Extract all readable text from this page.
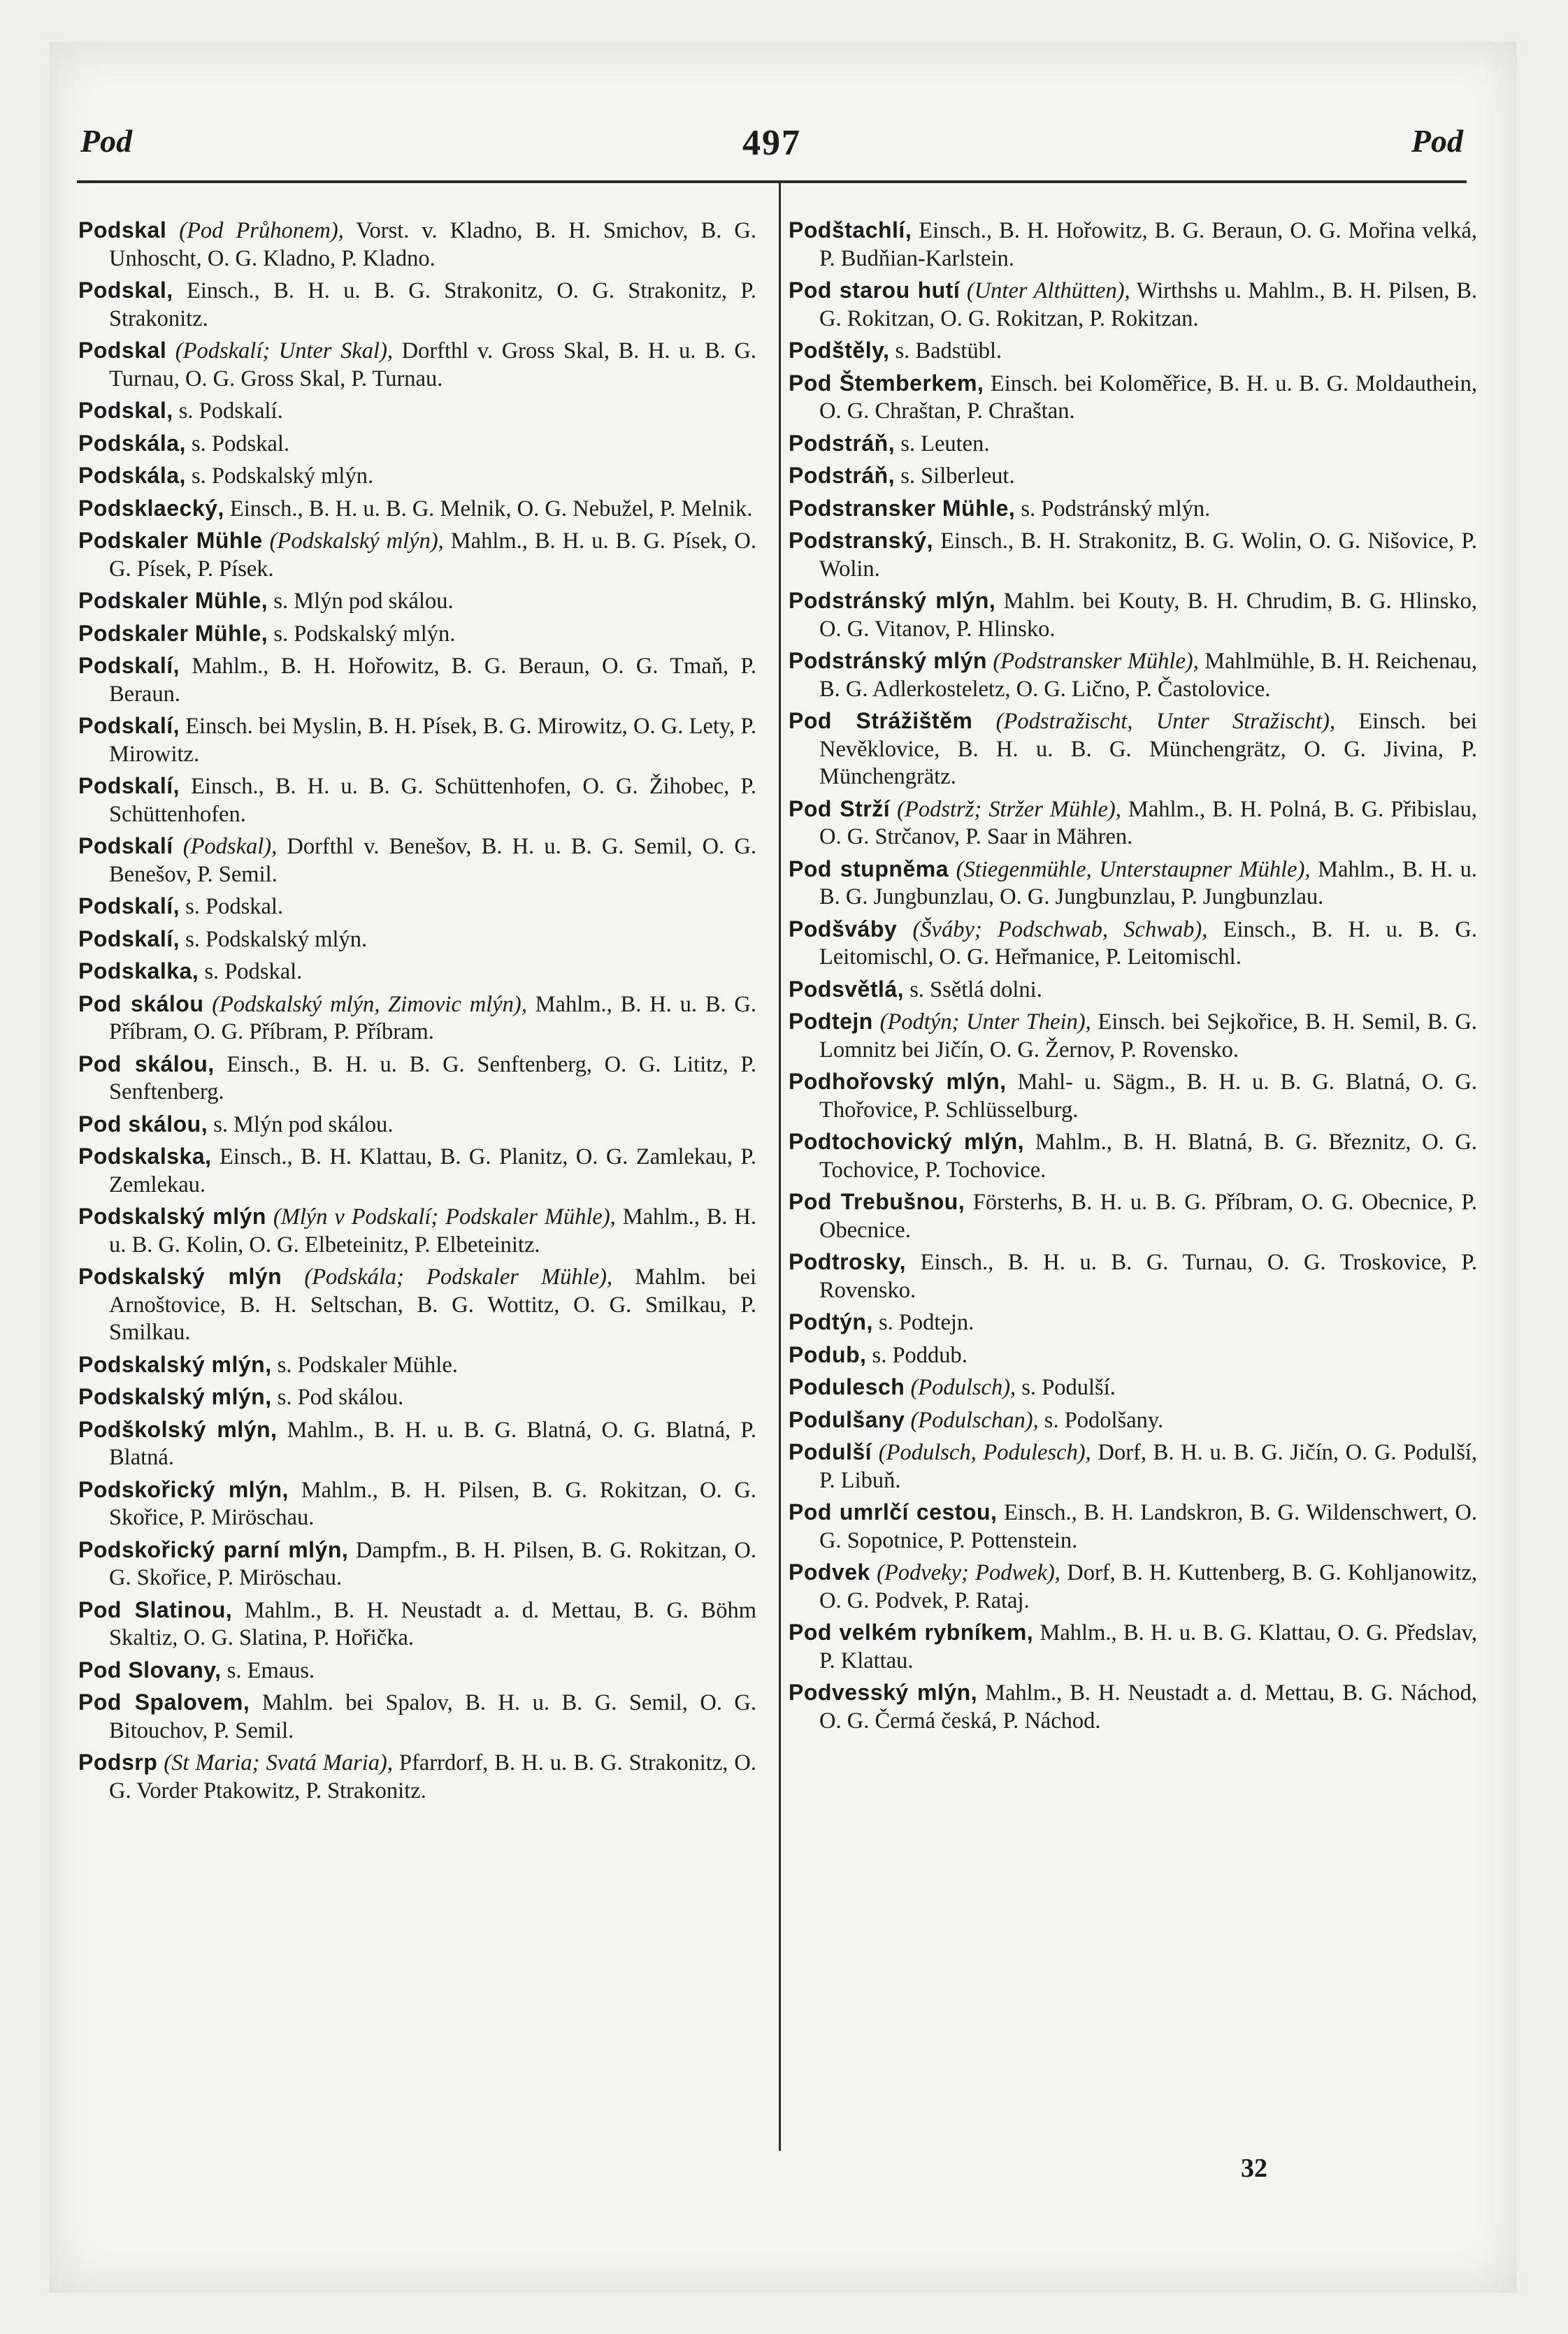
Pod	497	Pod

Podskal (Pod Průhonem), Vorst. v. Kladno, B. H. Smichov, B. G. Unhoscht, O. G. Kladno, P. Kladno.

Podskal, Einsch., B. H. u. B. G. Strakonitz, O. G. Strakonitz, P. Strakonitz.

Podskal (Podskalí; Unter Skal), Dorfthl v. Gross Skal, B. H. u. B. G. Turnau, O. G. Gross Skal, P. Turnau.

Podskal, s. Podskalí.

Podskála, s. Podskal.

Podskála, s. Podskalský mlýn.

Podsklaecký, Einsch., B. H. u. B. G. Melnik, O. G. Nebužel, P. Melnik.

Podskaler Mühle (Podskalský mlýn), Mahlm., B. H. u. B. G. Písek, O. G. Písek, P. Písek.

Podskaler Mühle, s. Mlýn pod skálou.

Podskaler Mühle, s. Podskalský mlýn.

Podskalí, Mahlm., B. H. Hořowitz, B. G. Beraun, O. G. Tmaň, P. Beraun.

Podskalí, Einsch. bei Myslin, B. H. Písek, B. G. Mirowitz, O. G. Lety, P. Mirowitz.

Podskalí, Einsch., B. H. u. B. G. Schüttenhofen, O. G. Žihobec, P. Schüttenhofen.

Podskalí (Podskal), Dorfthl v. Benešov, B. H. u. B. G. Semil, O. G. Benešov, P. Semil.

Podskalí, s. Podskal.

Podskalí, s. Podskalský mlýn.

Podskalka, s. Podskal.

Pod skálou (Podskalský mlýn, Zimovic mlýn), Mahlm., B. H. u. B. G. Příbram, O. G. Příbram, P. Příbram.

Pod skálou, Einsch., B. H. u. B. G. Senftenberg, O. G. Lititz, P. Senftenberg.

Pod skálou, s. Mlýn pod skálou.

Podskalska, Einsch., B. H. Klattau, B. G. Planitz, O. G. Zamlekau, P. Zemlekau.

Podskalský mlýn (Mlýn v Podskalí; Podskaler Mühle), Mahlm., B. H. u. B. G. Kolin, O. G. Elbeteinitz, P. Elbeteinitz.

Podskalský mlýn (Podskála; Podskaler Mühle), Mahlm. bei Arnoštovice, B. H. Seltschan, B. G. Wottitz, O. G. Smilkau, P. Smilkau.

Podskalský mlýn, s. Podskaler Mühle.

Podskalský mlýn, s. Pod skálou.

Podškolský mlýn, Mahlm., B. H. u. B. G. Blatná, O. G. Blatná, P. Blatná.

Podskořický mlýn, Mahlm., B. H. Pilsen, B. G. Rokitzan, O. G. Skořice, P. Miröschau.

Podskořický parní mlýn, Dampfm., B. H. Pilsen, B. G. Rokitzan, O. G. Skořice, P. Miröschau.

Pod Slatinou, Mahlm., B. H. Neustadt a. d. Mettau, B. G. Böhm Skaltiz, O. G. Slatina, P. Hořička.

Pod Slovany, s. Emaus.

Pod Spalovem, Mahlm. bei Spalov, B. H. u. B. G. Semil, O. G. Bitouchov, P. Semil.

Podsrp (St Maria; Svatá Maria), Pfarrdorf, B. H. u. B. G. Strakonitz, O. G. Vorder Ptakowitz, P. Strakonitz.

Podštachlí, Einsch., B. H. Hořowitz, B. G. Beraun, O. G. Mořina velká, P. Budňian-Karlstein.

Pod starou hutí (Unter Althütten), Wirthshs u. Mahlm., B. H. Pilsen, B. G. Rokitzan, O. G. Rokitzan, P. Rokitzan.

Podštěly, s. Badstübl.

Pod Štemberkem, Einsch. bei Koloměřice, B. H. u. B. G. Moldauthein, O. G. Chraštan, P. Chraštan.

Podstráň, s. Leuten.

Podstráň, s. Silberleut.

Podstransker Mühle, s. Podstránský mlýn.

Podstranský, Einsch., B. H. Strakonitz, B. G. Wolin, O. G. Nišovice, P. Wolin.

Podstránský mlýn, Mahlm. bei Kouty, B. H. Chrudim, B. G. Hlinsko, O. G. Vitanov, P. Hlinsko.

Podstránský mlýn (Podstransker Mühle), Mahlmühle, B. H. Reichenau, B. G. Adlerkosteletz, O. G. Lično, P. Častolovice.

Pod Strážištěm (Podstražischt, Unter Stražischt), Einsch. bei Nevěklovice, B. H. u. B. G. Münchengrätz, O. G. Jivina, P. Münchengrätz.

Pod Strží (Podstrž; Stržer Mühle), Mahlm., B. H. Polná, B. G. Přibislau, O. G. Strčanov, P. Saar in Mähren.

Pod stupněma (Stiegenmühle, Unterstaupner Mühle), Mahlm., B. H. u. B. G. Jungbunzlau, O. G. Jungbunzlau, P. Jungbunzlau.

Podšváby (Šváby; Podschwab, Schwab), Einsch., B. H. u. B. G. Leitomischl, O. G. Heřmanice, P. Leitomischl.

Podsvětlá, s. Ssětlá dolni.

Podtejn (Podtýn; Unter Thein), Einsch. bei Sejkořice, B. H. Semil, B. G. Lomnitz bei Jičín, O. G. Žernov, P. Rovensko.

Podhořovský mlýn, Mahl- u. Sägm., B. H. u. B. G. Blatná, O. G. Thořovice, P. Schlüsselburg.

Podtochovický mlýn, Mahlm., B. H. Blatná, B. G. Březnitz, O. G. Tochovice, P. Tochovice.

Pod Trebušnou, Försterhs, B. H. u. B. G. Příbram, O. G. Obecnice, P. Obecnice.

Podtrosky, Einsch., B. H. u. B. G. Turnau, O. G. Troskovice, P. Rovensko.

Podtýn, s. Podtejn.

Podub, s. Poddub.

Podulesch (Podulsch), s. Podulší.

Podulšany (Podulschan), s. Podolšany.

Podulší (Podulsch, Podulesch), Dorf, B. H. u. B. G. Jičín, O. G. Podulší, P. Libuň.

Pod umrlčí cestou, Einsch., B. H. Landskron, B. G. Wildenschwert, O. G. Sopotnice, P. Pottenstein.

Podvek (Podveky; Podwek), Dorf, B. H. Kuttenberg, B. G. Kohljanowitz, O. G. Podvek, P. Rataj.

Pod velkém rybníkem, Mahlm., B. H. u. B. G. Klattau, O. G. Předslav, P. Klattau.

Podvesský mlýn, Mahlm., B. H. Neustadt a. d. Mettau, B. G. Náchod, O. G. Čermá česká, P. Náchod.

32
